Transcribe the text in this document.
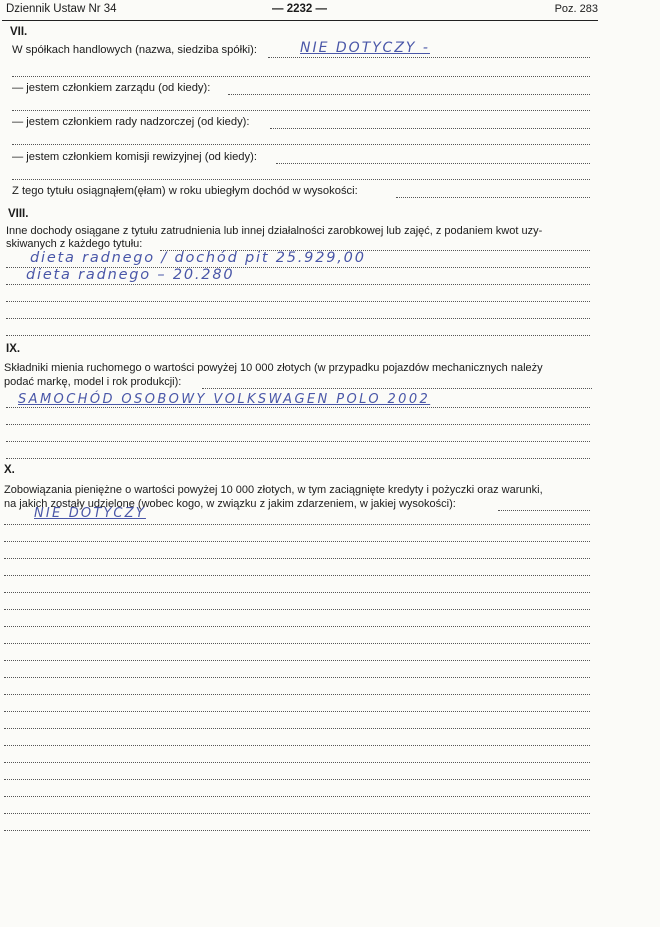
Dziennik Ustaw Nr 34	— 2232 —	Poz. 283
VII.
W spółkach handlowych (nazwa, siedziba spółki):	NIE DOTYCZY -
— jestem członkiem zarządu (od kiedy):
— jestem członkiem rady nadzorczej (od kiedy):
— jestem członkiem komisji rewizyjnej (od kiedy):
Z tego tytułu osiągnąłem(ęłam) w roku ubiegłym dochód w wysokości:
VIII.
Inne dochody osiągane z tytułu zatrudnienia lub innej działalności zarobkowej lub zajęć, z podaniem kwot uzy-
skiwanych z każdego tytułu:
dieta radnego / dochód pit 25.929,00
dieta radnego – 20.280
IX.
Składniki mienia ruchomego o wartości powyżej 10 000 złotych (w przypadku pojazdów mechanicznych należy
podać markę, model i rok produkcji):
SAMOCHÓD OSOBOWY VOLKSWAGEN POLO 2002
X.
Zobowiązania pieniężne o wartości powyżej 10 000 złotych, w tym zaciągnięte kredyty i pożyczki oraz warunki,
na jakich zostały udzielone (wobec kogo, w związku z jakim zdarzeniem, w jakiej wysokości):
NIE DOTYCZY
